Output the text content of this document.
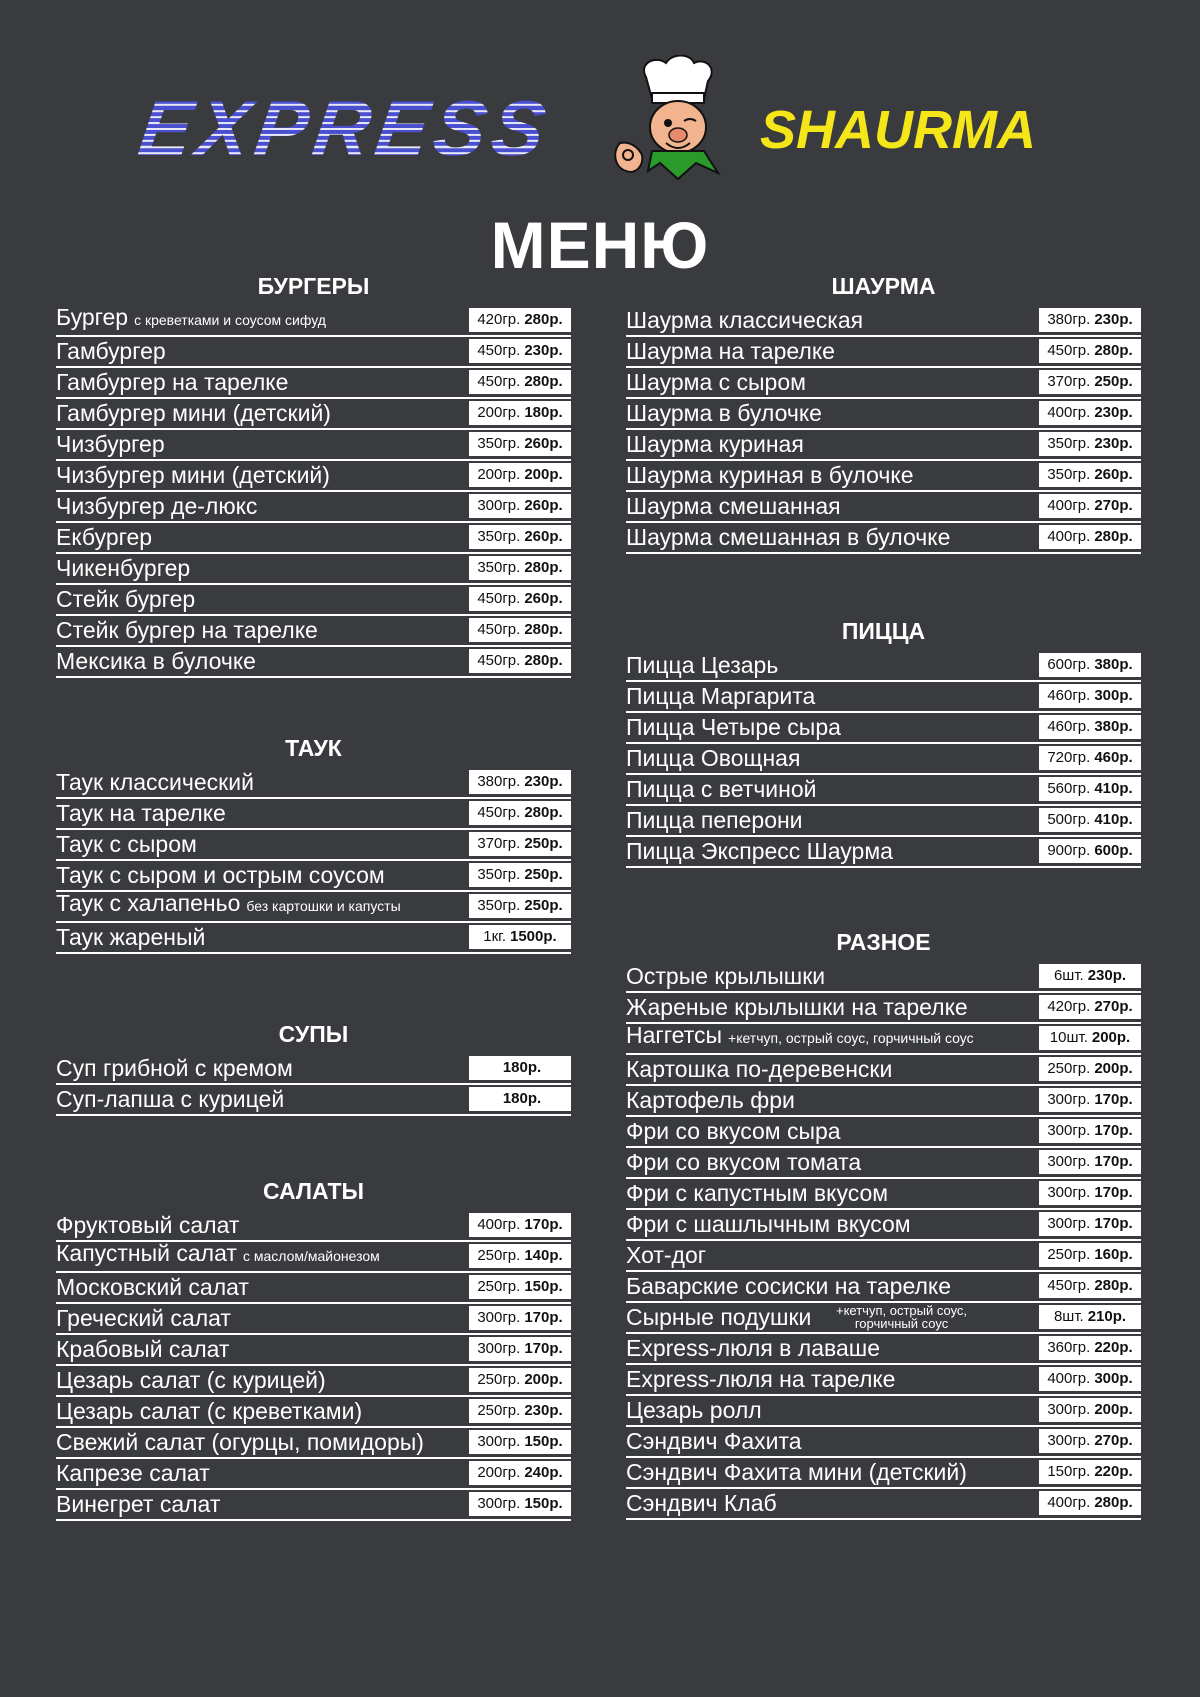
EXPRESS	SHAURMA
МЕНЮ
БУРГЕРЫ
Бургер с креветками и соусом сифуд	420гр. 280р.
Гамбургер	450гр. 230р.
Гамбургер на тарелке	450гр. 280р.
Гамбургер мини (детский)	200гр. 180р.
Чизбургер	350гр. 260р.
Чизбургер мини (детский)	200гр. 200р.
Чизбургер де-люкс	300гр. 260р.
Екбургер	350гр. 260р.
Чикенбургер	350гр. 280р.
Стейк бургер	450гр. 260р.
Стейк бургер на тарелке	450гр. 280р.
Мексика в булочке	450гр. 280р.
ТАУК
Таук классический	380гр. 230р.
Таук на тарелке	450гр. 280р.
Таук с сыром	370гр. 250р.
Таук с сыром и острым соусом	350гр. 250р.
Таук с халапеньо без картошки и капусты	350гр. 250р.
Таук жареный	1кг. 1500р.
СУПЫ
Суп грибной с кремом	180р.
Суп-лапша с курицей	180р.
САЛАТЫ
Фруктовый салат	400гр. 170р.
Капустный салат с маслом/майонезом	250гр. 140р.
Московский салат	250гр. 150р.
Греческий салат	300гр. 170р.
Крабовый салат	300гр. 170р.
Цезарь салат (с курицей)	250гр. 200р.
Цезарь салат (с креветками)	250гр. 230р.
Свежий салат (огурцы, помидоры)	300гр. 150р.
Капрезе салат	200гр. 240р.
Винегрет салат	300гр. 150р.
ШАУРМА
Шаурма классическая	380гр. 230р.
Шаурма на тарелке	450гр. 280р.
Шаурма с сыром	370гр. 250р.
Шаурма в булочке	400гр. 230р.
Шаурма куриная	350гр. 230р.
Шаурма куриная в булочке	350гр. 260р.
Шаурма смешанная	400гр. 270р.
Шаурма смешанная в булочке	400гр. 280р.
ПИЦЦА
Пицца Цезарь	600гр. 380р.
Пицца Маргарита	460гр. 300р.
Пицца Четыре сыра	460гр. 380р.
Пицца Овощная	720гр. 460р.
Пицца с ветчиной	560гр. 410р.
Пицца пеперони	500гр. 410р.
Пицца Экспресс Шаурма	900гр. 600р.
РАЗНОЕ
Острые крылышки	6шт. 230р.
Жареные крылышки на тарелке	420гр. 270р.
Наггетсы +кетчуп, острый соус, горчичный соус	10шт. 200р.
Картошка по-деревенски	250гр. 200р.
Картофель фри	300гр. 170р.
Фри со вкусом сыра	300гр. 170р.
Фри со вкусом томата	300гр. 170р.
Фри с капустным вкусом	300гр. 170р.
Фри с шашлычным вкусом	300гр. 170р.
Хот-дог	250гр. 160р.
Баварские сосиски на тарелке	450гр. 280р.
Сырные подушки +кетчуп, острый соус,
горчичный соус	8шт. 210р.
Express-люля в лаваше	360гр. 220р.
Express-люля на тарелке	400гр. 300р.
Цезарь ролл	300гр. 200р.
Сэндвич Фахита	300гр. 270р.
Сэндвич Фахита мини (детский)	150гр. 220р.
Сэндвич Клаб	400гр. 280р.
